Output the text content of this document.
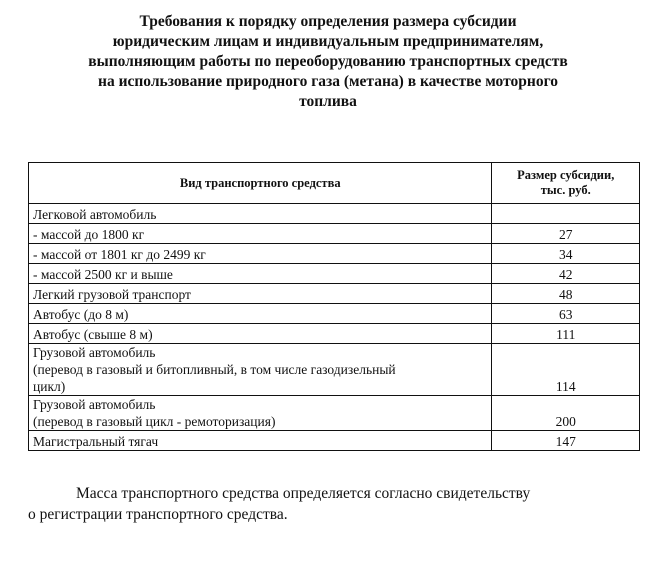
Требования к порядку определения размера субсидии
юридическим лицам и индивидуальным предпринимателям,
выполняющим работы по переоборудованию транспортных средств
на использование природного газа (метана) в качестве моторного
топлива
Вид транспортного средства	Размер субсидии,
тыс. руб.

Легковой автомобиль	

- массой до 1800 кг	27

- массой от 1801 кг до 2499 кг	34

- массой 2500 кг и выше	42

Легкий грузовой транспорт	48

Автобус (до 8 м)	63

Автобус (свыше 8 м)	111

Грузовой автомобиль
(перевод в газовый и битопливный, в том числе газодизельный
цикл)	114

Грузовой автомобиль
(перевод в газовый цикл - ремоторизация)	200

Магистральный тягач	147
Масса транспортного средства определяется согласно свидетельству
о регистрации транспортного средства.
